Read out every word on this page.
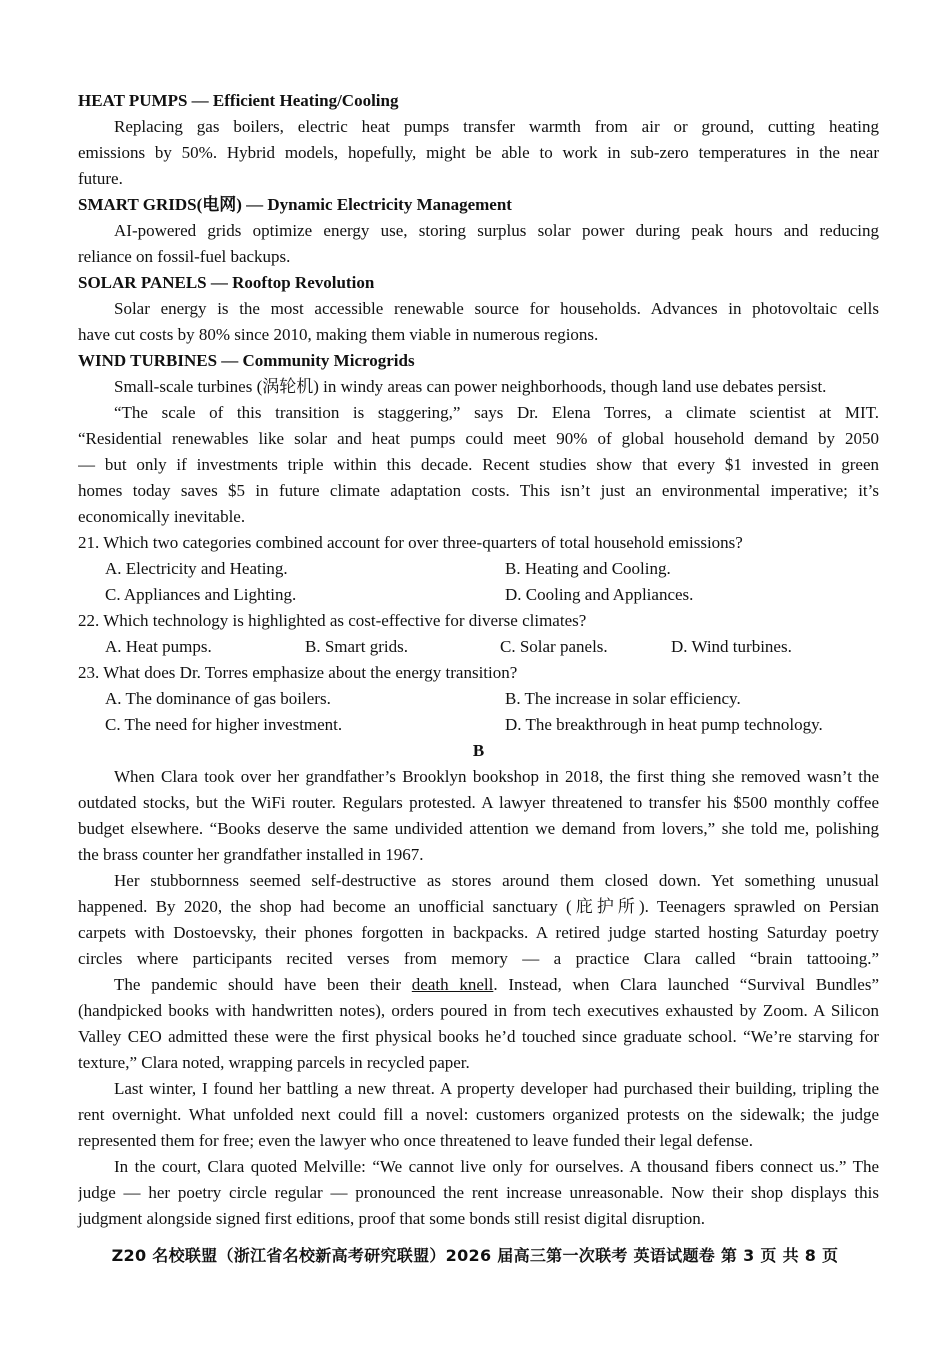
HEAT PUMPS — Efficient Heating/Cooling
Replacing gas boilers, electric heat pumps transfer warmth from air or ground, cutting heating
emissions by 50%. Hybrid models, hopefully, might be able to work in sub-zero temperatures in the near
future.
SMART GRIDS(电网) — Dynamic Electricity Management
AI-powered grids optimize energy use, storing surplus solar power during peak hours and reducing
reliance on fossil-fuel backups.
SOLAR PANELS — Rooftop Revolution
Solar energy is the most accessible renewable source for households. Advances in photovoltaic cells
have cut costs by 80% since 2010, making them viable in numerous regions.
WIND TURBINES — Community Microgrids
Small-scale turbines (涡轮机) in windy areas can power neighborhoods, though land use debates persist.
“The scale of this transition is staggering,” says Dr. Elena Torres, a climate scientist at MIT.
“Residential renewables like solar and heat pumps could meet 90% of global household demand by 2050
— but only if investments triple within this decade. Recent studies show that every $1 invested in green
homes today saves $5 in future climate adaptation costs. This isn’t just an environmental imperative; it’s
economically inevitable.
21. Which two categories combined account for over three-quarters of total household emissions?
A. Electricity and Heating.	B. Heating and Cooling.
C. Appliances and Lighting.	D. Cooling and Appliances.
22. Which technology is highlighted as cost-effective for diverse climates?
A. Heat pumps.	B. Smart grids.	C. Solar panels.	D. Wind turbines.
23. What does Dr. Torres emphasize about the energy transition?
A. The dominance of gas boilers.	B. The increase in solar efficiency.
C. The need for higher investment.	D. The breakthrough in heat pump technology.
B
When Clara took over her grandfather’s Brooklyn bookshop in 2018, the first thing she removed wasn’t the
outdated stocks, but the WiFi router. Regulars protested. A lawyer threatened to transfer his $500 monthly coffee
budget elsewhere. “Books deserve the same undivided attention we demand from lovers,” she told me, polishing
the brass counter her grandfather installed in 1967.
Her stubbornness seemed self-destructive as stores around them closed down. Yet something unusual
happened. By 2020, the shop had become an unofficial sanctuary (庇护所). Teenagers sprawled on Persian
carpets with Dostoevsky, their phones forgotten in backpacks. A retired judge started hosting Saturday poetry
circles where participants recited verses from memory — a practice Clara called “brain tattooing.”
The pandemic should have been their death knell. Instead, when Clara launched “Survival Bundles”
(handpicked books with handwritten notes), orders poured in from tech executives exhausted by Zoom. A Silicon
Valley CEO admitted these were the first physical books he’d touched since graduate school. “We’re starving for
texture,” Clara noted, wrapping parcels in recycled paper.
Last winter, I found her battling a new threat. A property developer had purchased their building, tripling the
rent overnight. What unfolded next could fill a novel: customers organized protests on the sidewalk; the judge
represented them for free; even the lawyer who once threatened to leave funded their legal defense.
In the court, Clara quoted Melville: “We cannot live only for ourselves. A thousand fibers connect us.” The
judge — her poetry circle regular — pronounced the rent increase unreasonable. Now their shop displays this
judgment alongside signed first editions, proof that some bonds still resist digital disruption.
Z20 名校联盟（浙江省名校新高考研究联盟）2026 届高三第一次联考 英语试题卷 第 3 页 共 8 页
